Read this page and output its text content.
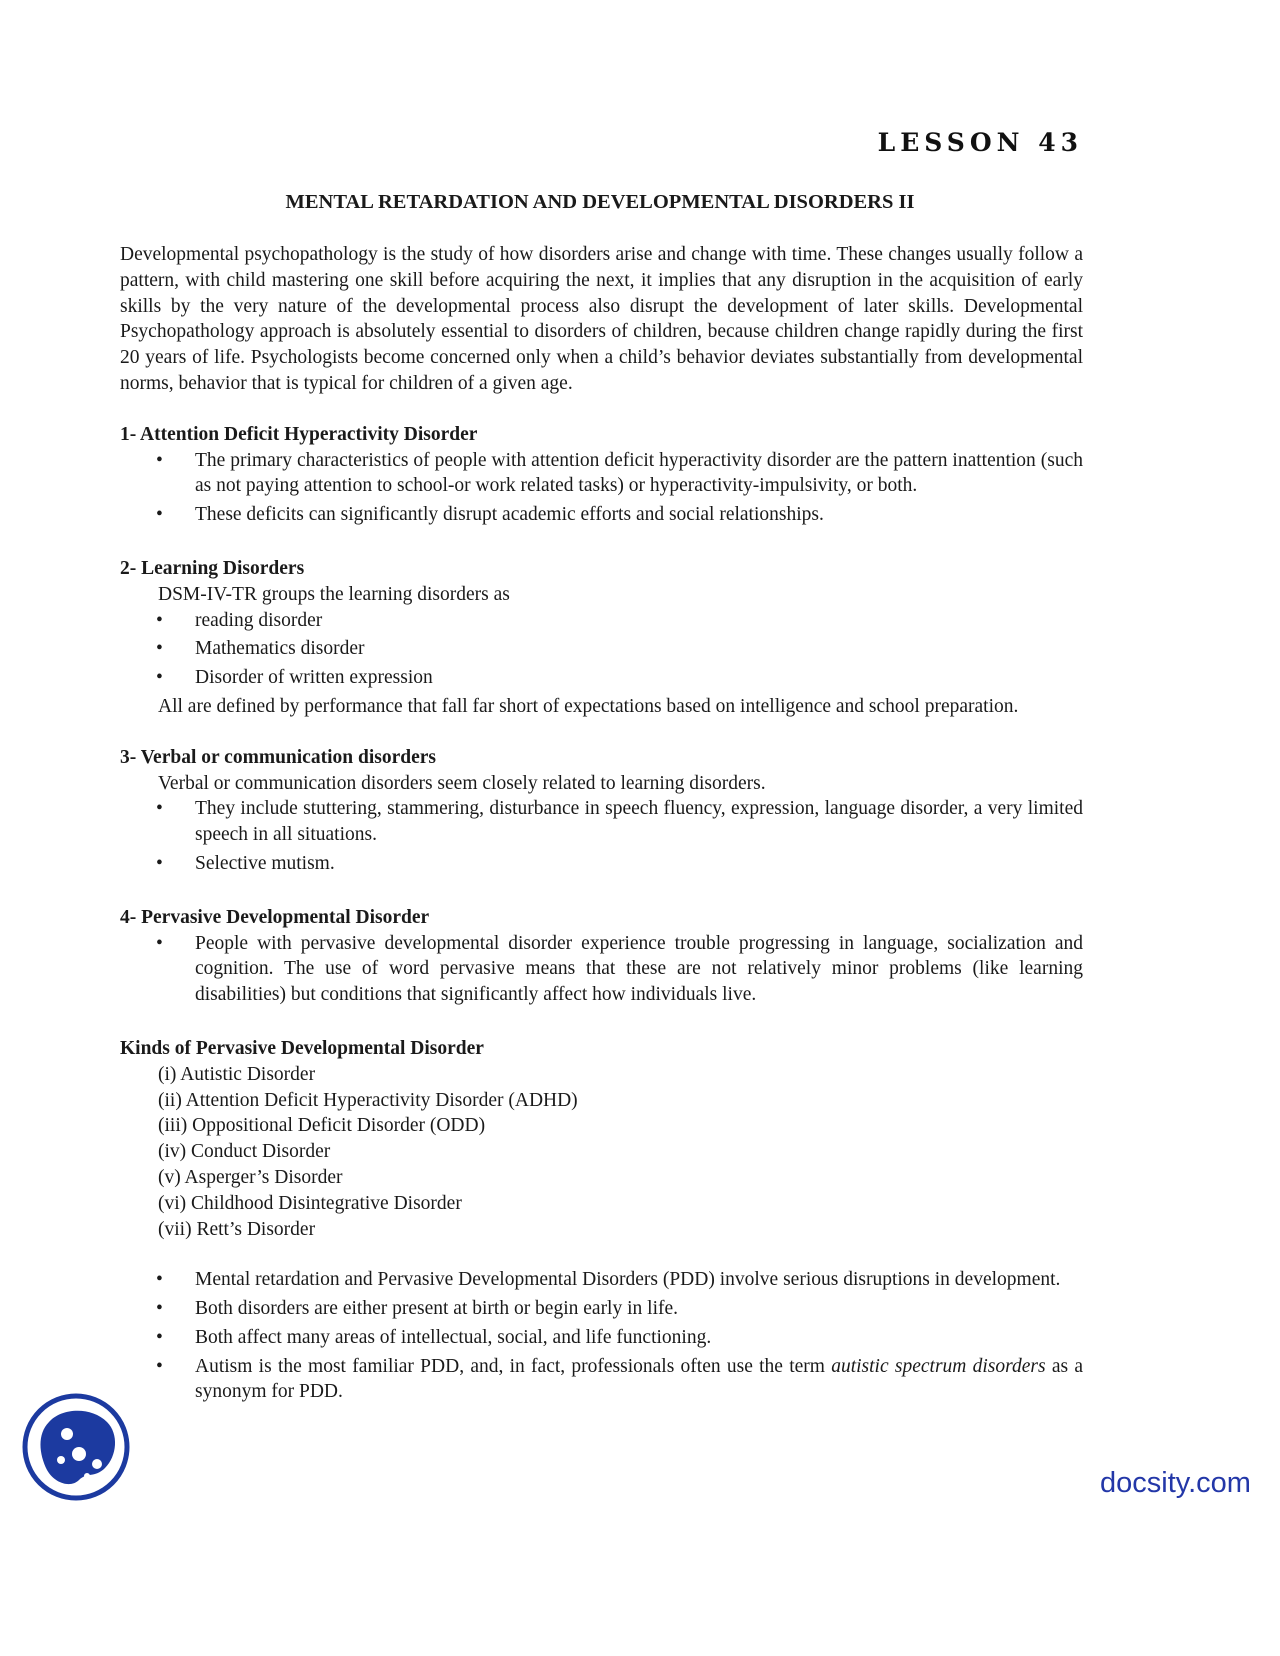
LESSON 43
MENTAL RETARDATION AND DEVELOPMENTAL DISORDERS II

Developmental psychopathology is the study of how disorders arise and change with time. These changes usually follow a pattern, with child mastering one skill before acquiring the next, it implies that any disruption in the acquisition of early skills by the very nature of the developmental process also disrupt the development of later skills. Developmental Psychopathology approach is absolutely essential to disorders of children, because children change rapidly during the first 20 years of life. Psychologists become concerned only when a child’s behavior deviates substantially from developmental norms, behavior that is typical for children of a given age.

1- Attention Deficit Hyperactivity Disorder

• The primary characteristics of people with attention deficit hyperactivity disorder are the pattern inattention (such as not paying attention to school-or work related tasks) or hyperactivity-impulsivity, or both.
• These deficits can significantly disrupt academic efforts and social relationships.

2- Learning Disorders

DSM-IV-TR groups the learning disorders as

• reading disorder
• Mathematics disorder
• Disorder of written expression

All are defined by performance that fall far short of expectations based on intelligence and school preparation.

3- Verbal or communication disorders

Verbal or communication disorders seem closely related to learning disorders.

• They include stuttering, stammering, disturbance in speech fluency, expression, language disorder, a very limited speech in all situations.
• Selective mutism.

4- Pervasive Developmental Disorder

• People with pervasive developmental disorder experience trouble progressing in language, socialization and cognition. The use of word pervasive means that these are not relatively minor problems (like learning disabilities) but conditions that significantly affect how individuals live.

Kinds of Pervasive Developmental Disorder

(i) Autistic Disorder

(ii) Attention Deficit Hyperactivity Disorder (ADHD)

(iii) Oppositional Deficit Disorder (ODD)

(iv) Conduct Disorder

(v) Asperger’s Disorder

(vi) Childhood Disintegrative Disorder

(vii) Rett’s Disorder

• Mental retardation and Pervasive Developmental Disorders (PDD) involve serious disruptions in development.
• Both disorders are either present at birth or begin early in life.
• Both affect many areas of intellectual, social, and life functioning.
• Autism is the most familiar PDD, and, in fact, professionals often use the term autistic spectrum disorders as a synonym for PDD.
docsity.com
